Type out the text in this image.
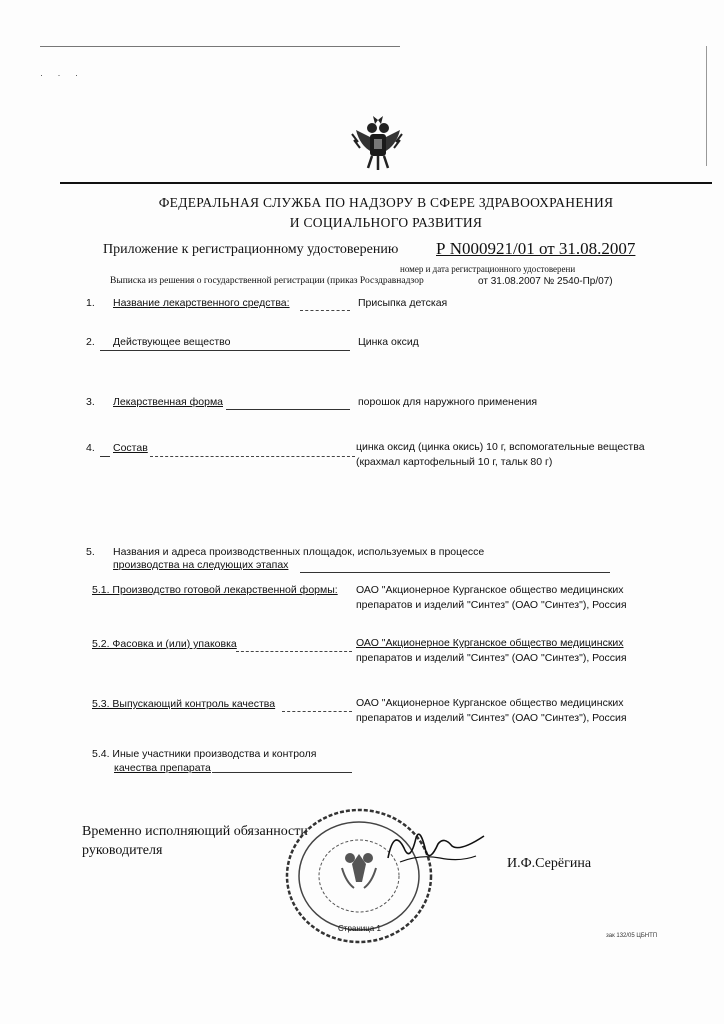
· · ·
ФЕДЕРАЛЬНАЯ СЛУЖБА ПО НАДЗОРУ В СФЕРЕ ЗДРАВООХРАНЕНИЯ
И СОЦИАЛЬНОГО РАЗВИТИЯ
Приложение к регистрационному удостоверению Р N000921/01 от 31.08.2007
номер и дата регистрационного удостоверени
Выписка из решения о государственной регистрации (приказ Росздравнадзор	от 31.08.2007 № 2540-Пр/07)
1. Название лекарственного средства:	Присыпка детская
2. Действующее вещество	Цинка оксид
3. Лекарственная форма	порошок для наружного применения
4. Состав	цинка оксид (цинка окись) 10 г, вспомогательные вещества
(крахмал картофельный 10 г, тальк 80 г)
5. Названия и адреса производственных площадок, используемых в процессе
производства на следующих этапах
5.1. Производство готовой лекарственной формы: ОАО "Акционерное Курганское общество медицинских
препаратов и изделий "Синтез" (ОАО "Синтез"), Россия
5.2. Фасовка и (или) упаковка	ОАО "Акционерное Курганское общество медицинских
препаратов и изделий "Синтез" (ОАО "Синтез"), Россия
5.3. Выпускающий контроль качества	ОАО "Акционерное Курганское общество медицинских
препаратов и изделий "Синтез" (ОАО "Синтез"), Россия
5.4. Иные участники производства и контроля
качества препарата
Временно исполняющий обязанности
руководителя
Страница 1
И.Ф.Серёгина
зак 132/05 ЦБНТП
